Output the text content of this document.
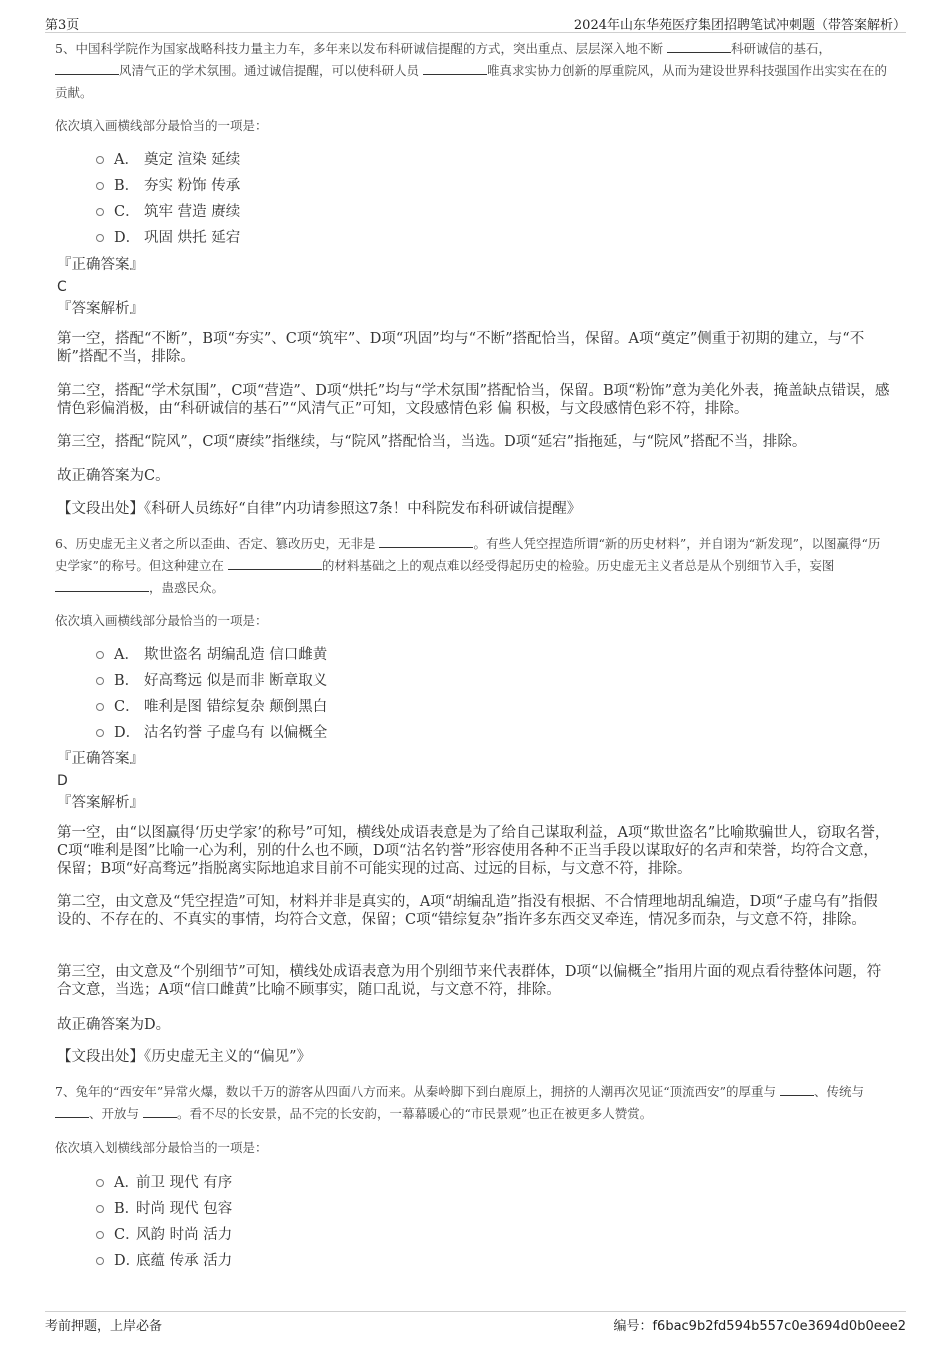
第3页	2024年山东华苑医疗集团招聘笔试冲刺题（带答案解析）
5、中国科学院作为国家战略科技力量主力车，多年来以发布科研诚信提醒的方式，突出重点、层层深入地不断	科研诚信的基石， 风清气正的学术氛围。通过诚信提醒，可以使科研人员	唯真求实协力创新的厚重院风，从而为建设世界科技强国作出实实在在的贡献。
依次填入画横线部分最恰当的一项是：
A． 奠定 渲染 延续
B． 夯实 粉饰 传承
C． 筑牢 营造 赓续
D． 巩固 烘托 延宕
『正确答案』
C
『答案解析』
第一空，搭配“不断”，B项“夯实”、C项“筑牢”、D项“巩固”均与“不断”搭配恰当，保留。A项“奠定”侧重于初期的建立，与“不断”搭配不当，排除。
第二空，搭配“学术氛围”，C项“营造”、D项“烘托”均与“学术氛围”搭配恰当，保留。B项“粉饰”意为美化外表，掩盖缺点错误，感情色彩偏消极，由“科研诚信的基石”“风清气正”可知，文段感情色彩 偏 积极，与文段感情色彩不符，排除。
第三空，搭配“院风”，C项“赓续”指继续，与“院风”搭配恰当，当选。D项“延宕”指拖延，与“院风”搭配不当，排除。
故正确答案为C。
【文段出处】《科研人员练好“自律”内功请参照这7条！中科院发布科研诚信提醒》
6、历史虚无主义者之所以歪曲、否定、篡改历史，无非是	。有些人凭空捏造所谓“新的历史材料”，并自诩为“新发现”，以图赢得“历史学家”的称号。但这种建立在	的材料基础之上的观点难以经受得起历史的检验。历史虚无主义者总是从个别细节入手，妄图 ，蛊惑民众。
依次填入画横线部分最恰当的一项是：
A． 欺世盗名 胡编乱造 信口雌黄
B． 好高骛远 似是而非 断章取义
C． 唯利是图 错综复杂 颠倒黑白
D． 沽名钓誉 子虚乌有 以偏概全
『正确答案』
D
『答案解析』
第一空，由“以图赢得‘历史学家’的称号”可知，横线处成语表意是为了给自己谋取利益，A项“欺世盗名”比喻欺骗世人，窃取名誉，C项“唯利是图”比喻一心为利，别的什么也不顾，D项“沽名钓誉”形容使用各种不正当手段以谋取好的名声和荣誉，均符合文意，保留；B项“好高骛远”指脱离实际地追求目前不可能实现的过高、过远的目标，与文意不符，排除。
第二空，由文意及“凭空捏造”可知，材料并非是真实的，A项“胡编乱造”指没有根据、不合情理地胡乱编造，D项“子虚乌有”指假设的、不存在的、不真实的事情，均符合文意，保留；C项“错综复杂”指许多东西交叉牵连，情况多而杂，与文意不符，排除。
第三空，由文意及“个别细节”可知，横线处成语表意为用个别细节来代表群体，D项“以偏概全”指用片面的观点看待整体问题，符合文意，当选；A项“信口雌黄”比喻不顾事实，随口乱说，与文意不符，排除。
故正确答案为D。
【文段出处】《历史虚无主义的“偏见”》
7、兔年的“西安年”异常火爆，数以千万的游客从四面八方而来。从秦岭脚下到白鹿原上，拥挤的人潮再次见证“顶流西安”的厚重与	、传统与 、开放与	。看不尽的长安景，品不完的长安韵，一幕幕暖心的“市民景观”也正在被更多人赞赏。
依次填入划横线部分最恰当的一项是：
A．
前卫 现代 有序
B．
时尚 现代 包容
C．
风韵 时尚 活力
D．
底蕴 传承 活力
考前押题，上岸必备	编号：f6bac9b2fd594b557c0e3694d0b0eee2
